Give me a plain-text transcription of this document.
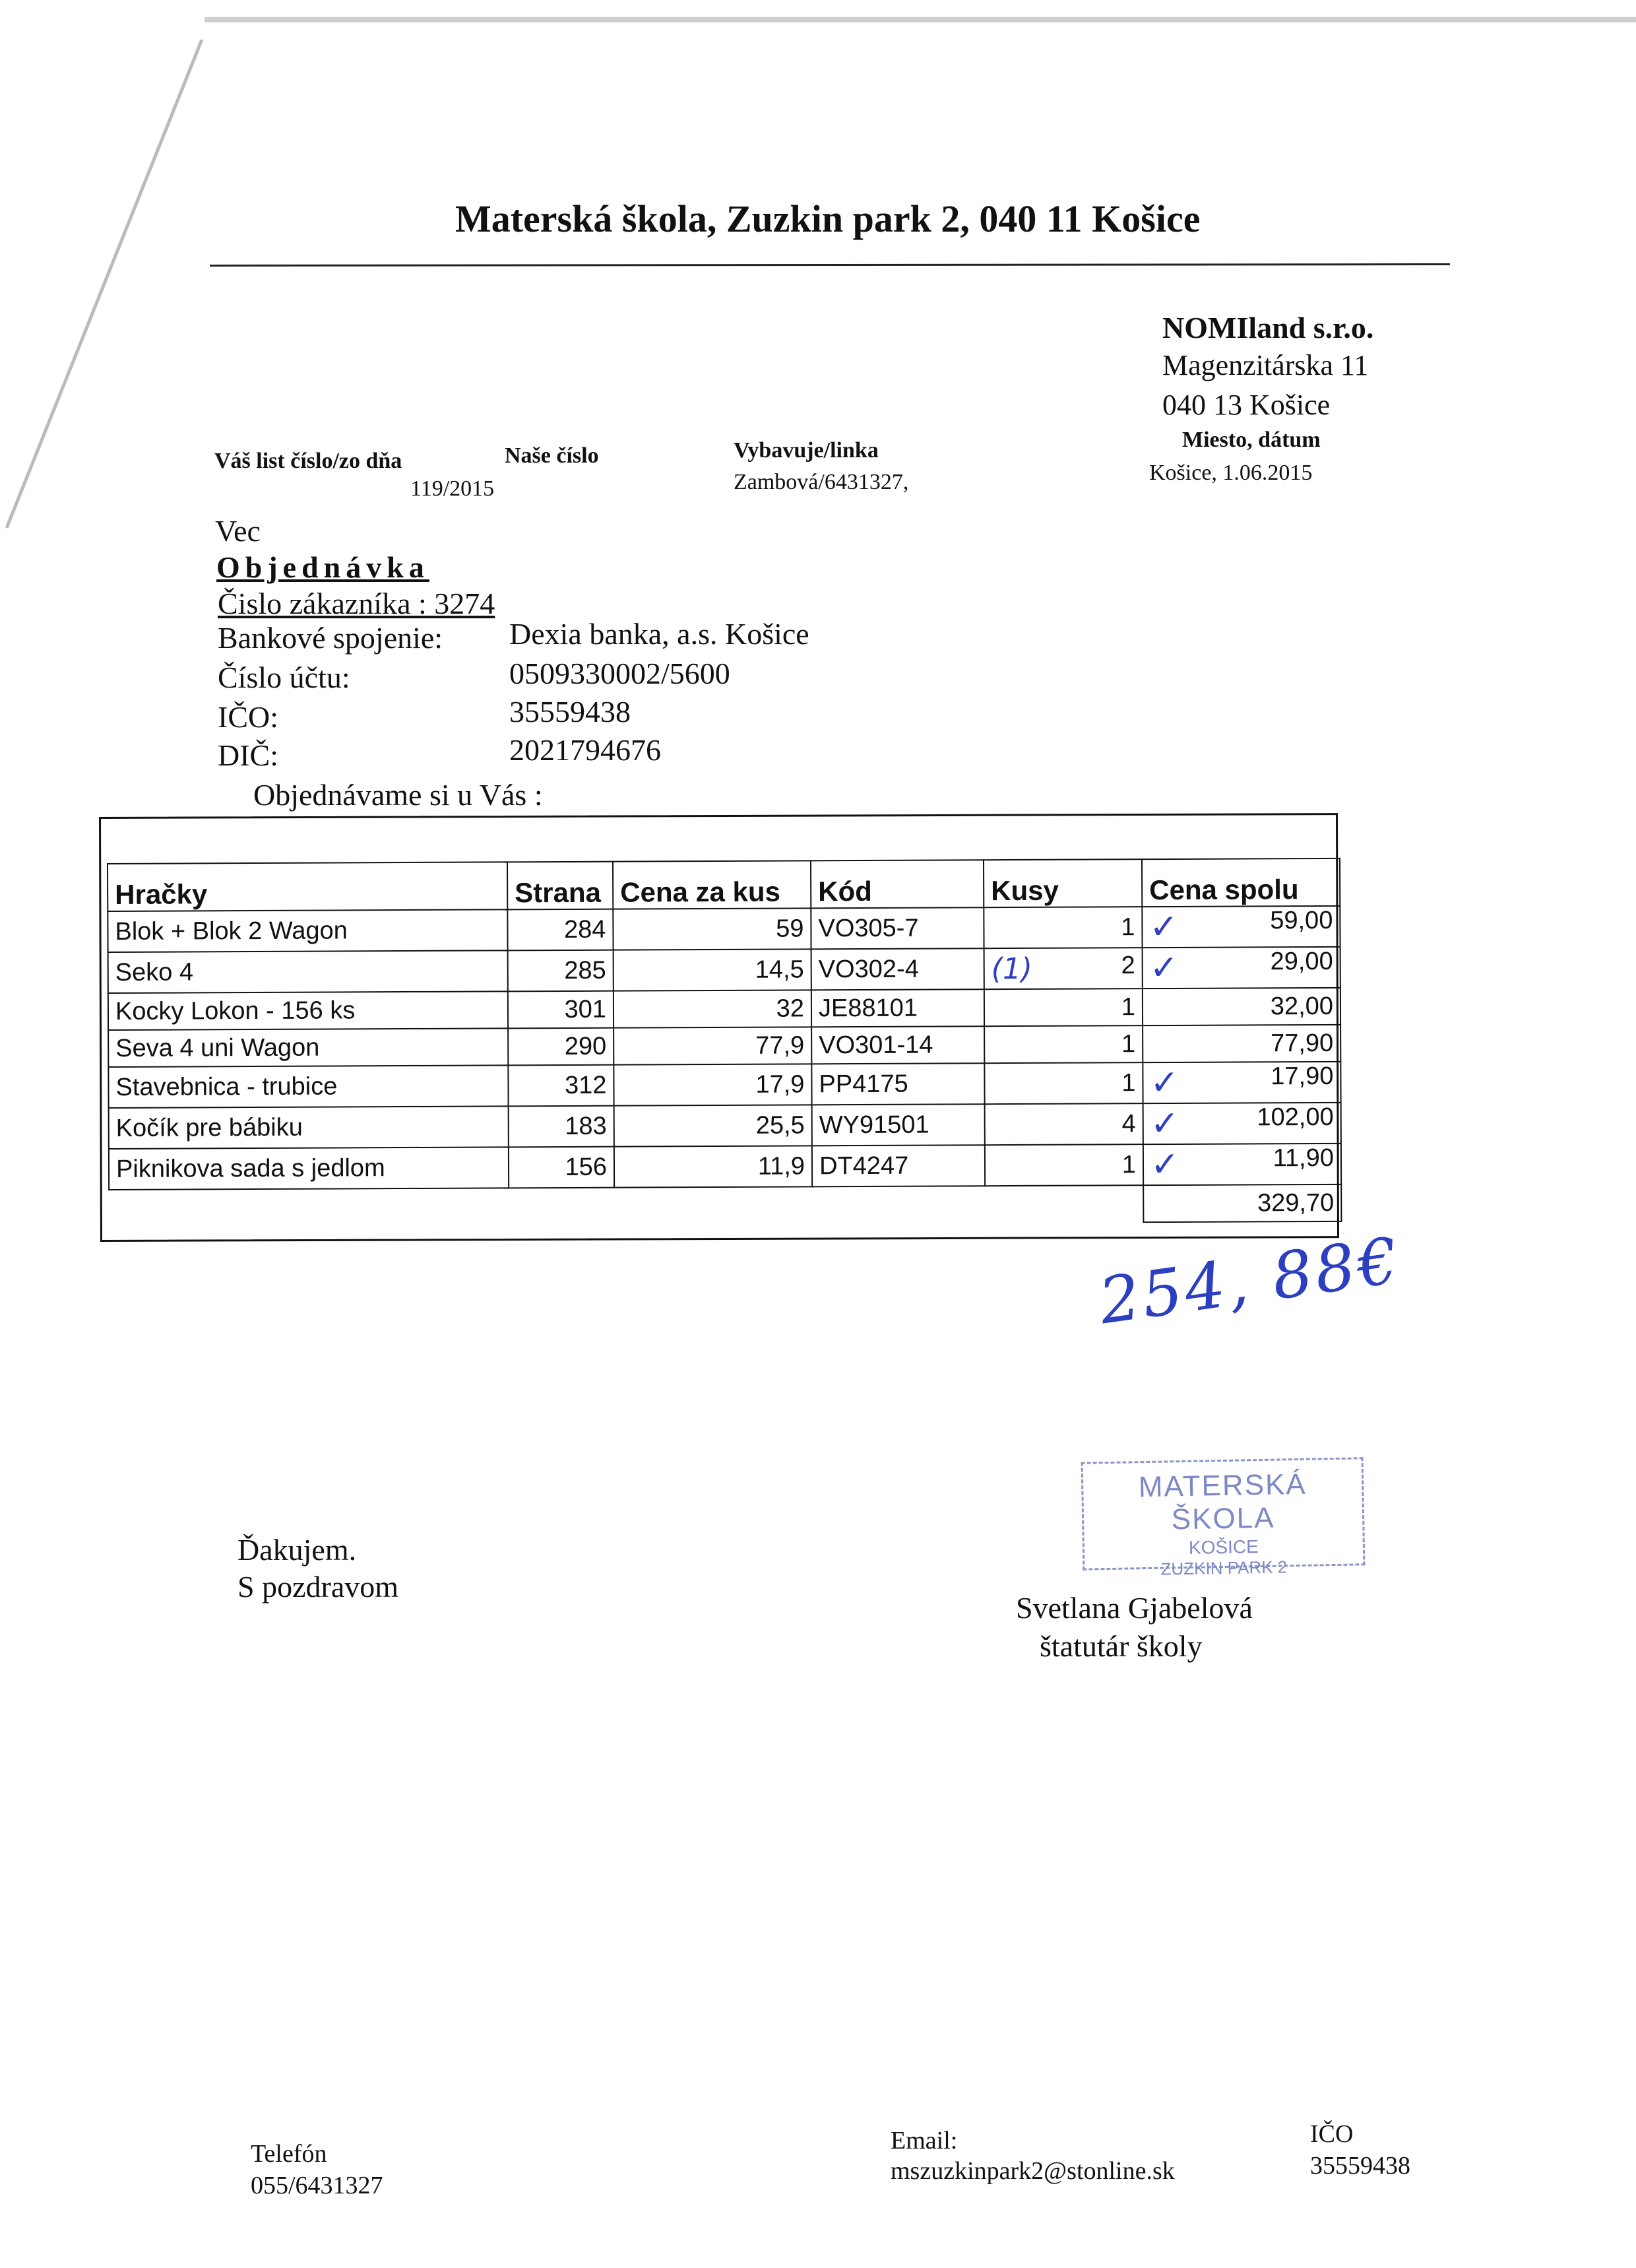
Materská škola, Zuzkin park 2, 040 11 Košice
NOMIland s.r.o.
Magenzitárska 11
040 13 Košice
Váš list číslo/zo dňa	Naše číslo
119/2015
Vybavuje/linka
Zambová/6431327,
Miesto, dátum
Košice, 1.06.2015
Vec
Objednávka
Čislo zákazníka : 3274
Bankové spojenie: Dexia banka, a.s. Košice
Číslo účtu:	0509330002/5600
IČO:	35559438
DIČ:	2021794676
Objednávame si u Vás :
Hračky	Strana	Cena za kus	Kód	Kusy	Cena spolu
Blok + Blok 2 Wagon	284	59	VO305-7	1	✓ 59,00
Seko 4	285	14,5	VO302-4	(1) 2	✓ 29,00
Kocky Lokon - 156 ks	301	32	JE88101	1	32,00
Seva 4 uni Wagon	290	77,9	VO301-14	1	77,90
Stavebnica - trubice	312	17,9	PP4175	1	✓ 17,90
Kočík pre bábiku	183	25,5	WY91501	4	✓ 102,00
Piknikova sada s jedlom	156	11,9	DT4247	1	✓ 11,90
					329,70
254, 88€
MATERSKÁ ŠKOLA
KOŠICE
ZUZKIN PARK 2
Ďakujem.
S pozdravom
Svetlana Gjabelová
štatutár školy
Telefón
055/6431327
Email:
mszuzkinpark2@stonline.sk
IČO
35559438
